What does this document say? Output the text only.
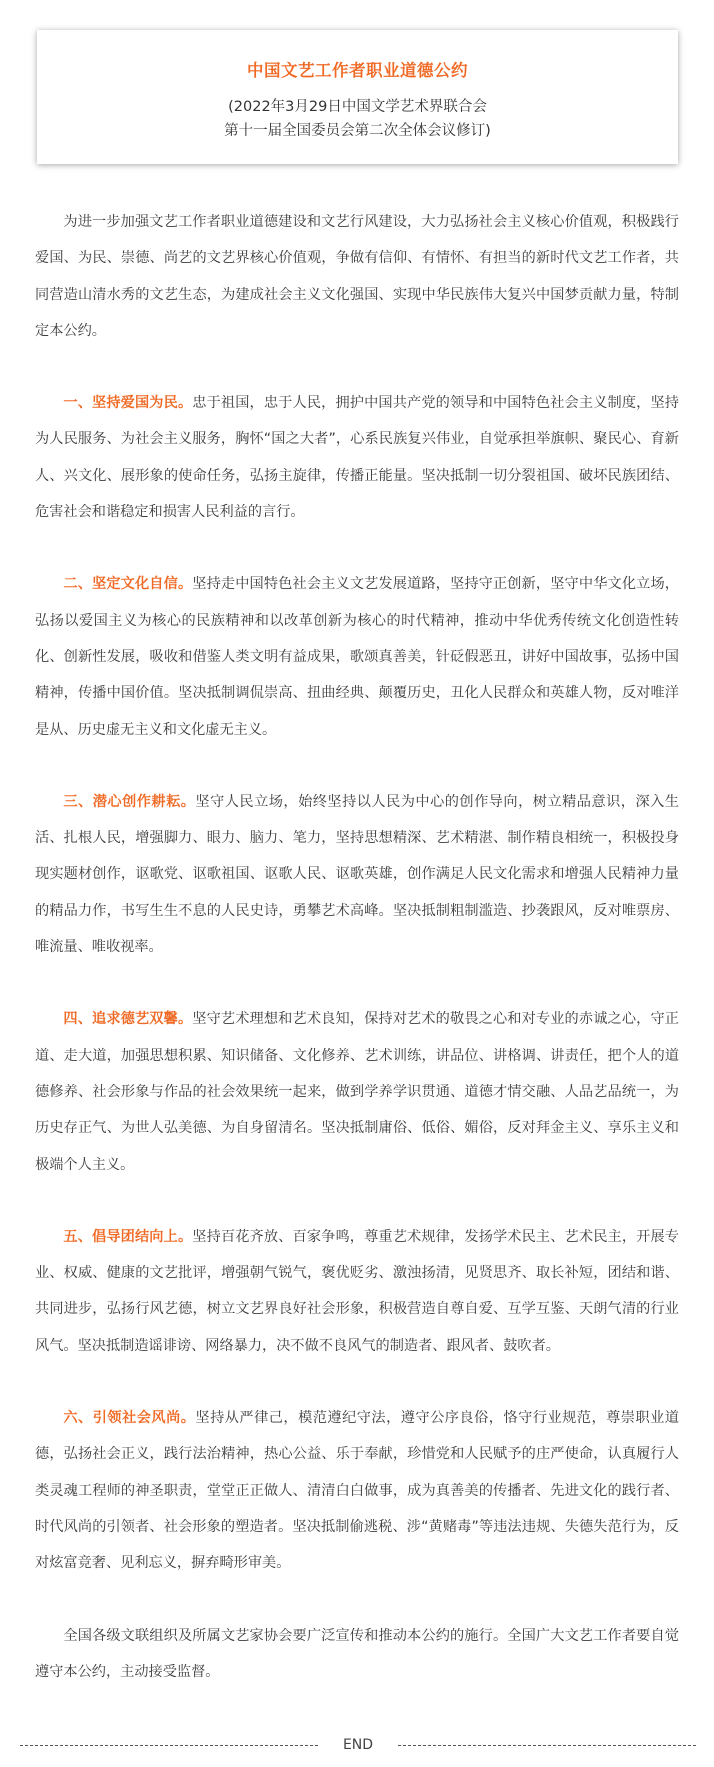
中国文艺工作者职业道德公约
(2022年3月29日中国文学艺术界联合会
第十一届全国委员会第二次全体会议修订)

为进一步加强文艺工作者职业道德建设和文艺行风建设，大力弘扬社会主义核心价值观，积极践行爱国、为民、崇德、尚艺的文艺界核心价值观，争做有信仰、有情怀、有担当的新时代文艺工作者，共同营造山清水秀的文艺生态，为建成社会主义文化强国、实现中华民族伟大复兴中国梦贡献力量，特制定本公约。

一、坚持爱国为民。忠于祖国，忠于人民，拥护中国共产党的领导和中国特色社会主义制度，坚持为人民服务、为社会主义服务，胸怀“国之大者”，心系民族复兴伟业，自觉承担举旗帜、聚民心、育新人、兴文化、展形象的使命任务，弘扬主旋律，传播正能量。坚决抵制一切分裂祖国、破坏民族团结、危害社会和谐稳定和损害人民利益的言行。

二、坚定文化自信。坚持走中国特色社会主义文艺发展道路，坚持守正创新，坚守中华文化立场，弘扬以爱国主义为核心的民族精神和以改革创新为核心的时代精神，推动中华优秀传统文化创造性转化、创新性发展，吸收和借鉴人类文明有益成果，歌颂真善美，针砭假恶丑，讲好中国故事，弘扬中国精神，传播中国价值。坚决抵制调侃崇高、扭曲经典、颠覆历史，丑化人民群众和英雄人物，反对唯洋是从、历史虚无主义和文化虚无主义。

三、潜心创作耕耘。坚守人民立场，始终坚持以人民为中心的创作导向，树立精品意识，深入生活、扎根人民，增强脚力、眼力、脑力、笔力，坚持思想精深、艺术精湛、制作精良相统一，积极投身现实题材创作，讴歌党、讴歌祖国、讴歌人民、讴歌英雄，创作满足人民文化需求和增强人民精神力量的精品力作，书写生生不息的人民史诗，勇攀艺术高峰。坚决抵制粗制滥造、抄袭跟风，反对唯票房、唯流量、唯收视率。

四、追求德艺双馨。坚守艺术理想和艺术良知，保持对艺术的敬畏之心和对专业的赤诚之心，守正道、走大道，加强思想积累、知识储备、文化修养、艺术训练，讲品位、讲格调、讲责任，把个人的道德修养、社会形象与作品的社会效果统一起来，做到学养学识贯通、道德才情交融、人品艺品统一，为历史存正气、为世人弘美德、为自身留清名。坚决抵制庸俗、低俗、媚俗，反对拜金主义、享乐主义和极端个人主义。

五、倡导团结向上。坚持百花齐放、百家争鸣，尊重艺术规律，发扬学术民主、艺术民主，开展专业、权威、健康的文艺批评，增强朝气锐气，褒优贬劣、激浊扬清，见贤思齐、取长补短，团结和谐、共同进步，弘扬行风艺德，树立文艺界良好社会形象，积极营造自尊自爱、互学互鉴、天朗气清的行业风气。坚决抵制造谣诽谤、网络暴力，决不做不良风气的制造者、跟风者、鼓吹者。

六、引领社会风尚。坚持从严律己，模范遵纪守法，遵守公序良俗，恪守行业规范，尊崇职业道德，弘扬社会正义，践行法治精神，热心公益、乐于奉献，珍惜党和人民赋予的庄严使命，认真履行人类灵魂工程师的神圣职责，堂堂正正做人、清清白白做事，成为真善美的传播者、先进文化的践行者、时代风尚的引领者、社会形象的塑造者。坚决抵制偷逃税、涉“黄赌毒”等违法违规、失德失范行为，反对炫富竞奢、见利忘义，摒弃畸形审美。

全国各级文联组织及所属文艺家协会要广泛宣传和推动本公约的施行。全国广大文艺工作者要自觉遵守本公约，主动接受监督。

END
